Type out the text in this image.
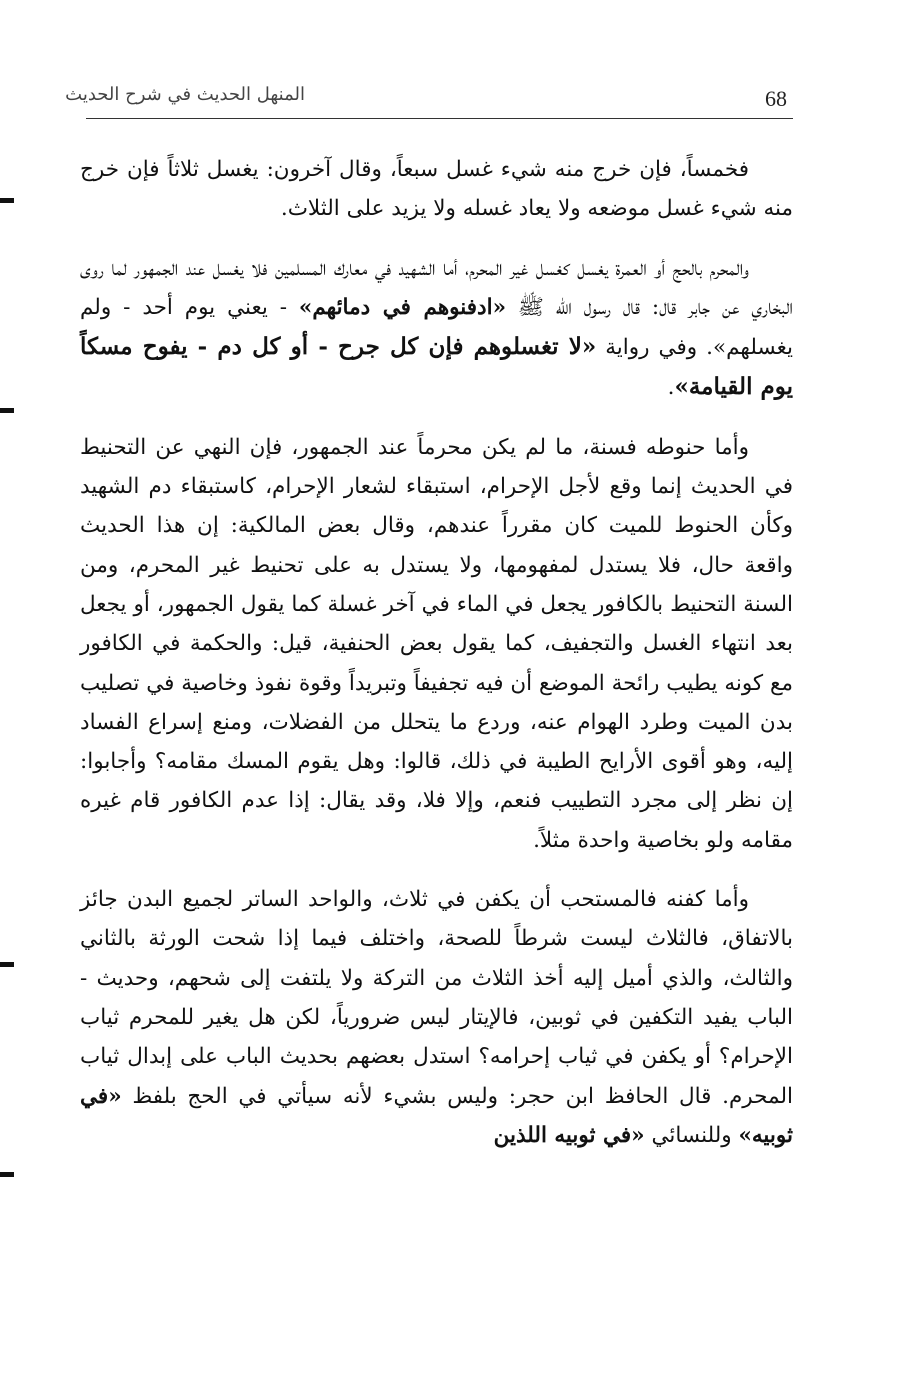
68
المنهل الحديث في شرح الحديث

فخمساً، فإن خرج منه شيء غسل سبعاً، وقال آخرون: يغسل ثلاثاً فإن خرج منه شيء غسل موضعه ولا يعاد غسله ولا يزيد على الثلاث.

والمحرم بالحج أو العمرة يغسل كغسل غير المحرم، أما الشهيد في معارك المسلمين فلا يغسل عند الجمهور لما روى البخاري عن جابر قال: قال رسول الله ﷺ «ادفنوهم في دمائهم» - يعني يوم أحد - ولم يغسلهم». وفي رواية «لا تغسلوهم فإن كل جرح - أو كل دم - يفوح مسكاً يوم القيامة».

وأما حنوطه فسنة، ما لم يكن محرماً عند الجمهور، فإن النهي عن التحنيط في الحديث إنما وقع لأجل الإحرام، استبقاء لشعار الإحرام، كاستبقاء دم الشهيد وكأن الحنوط للميت كان مقرراً عندهم، وقال بعض المالكية: إن هذا الحديث واقعة حال، فلا يستدل لمفهومها، ولا يستدل به على تحنيط غير المحرم، ومن السنة التحنيط بالكافور يجعل في الماء في آخر غسلة كما يقول الجمهور، أو يجعل بعد انتهاء الغسل والتجفيف، كما يقول بعض الحنفية، قيل: والحكمة في الكافور مع كونه يطيب رائحة الموضع أن فيه تجفيفاً وتبريداً وقوة نفوذ وخاصية في تصليب بدن الميت وطرد الهوام عنه، وردع ما يتحلل من الفضلات، ومنع إسراع الفساد إليه، وهو أقوى الأرايح الطيبة في ذلك، قالوا: وهل يقوم المسك مقامه؟ وأجابوا: إن نظر إلى مجرد التطييب فنعم، وإلا فلا، وقد يقال: إذا عدم الكافور قام غيره مقامه ولو بخاصية واحدة مثلاً.

وأما كفنه فالمستحب أن يكفن في ثلاث، والواحد الساتر لجميع البدن جائز بالاتفاق، فالثلاث ليست شرطاً للصحة، واختلف فيما إذا شحت الورثة بالثاني والثالث، والذي أميل إليه أخذ الثلاث من التركة ولا يلتفت إلى شحهم، وحديث - الباب يفيد التكفين في ثوبين، فالإيتار ليس ضرورياً، لكن هل يغير للمحرم ثياب الإحرام؟ أو يكفن في ثياب إحرامه؟ استدل بعضهم بحديث الباب على إبدال ثياب المحرم. قال الحافظ ابن حجر: وليس بشيء لأنه سيأتي في الحج بلفظ «في ثوبيه» وللنسائي «في ثوبيه اللذين
